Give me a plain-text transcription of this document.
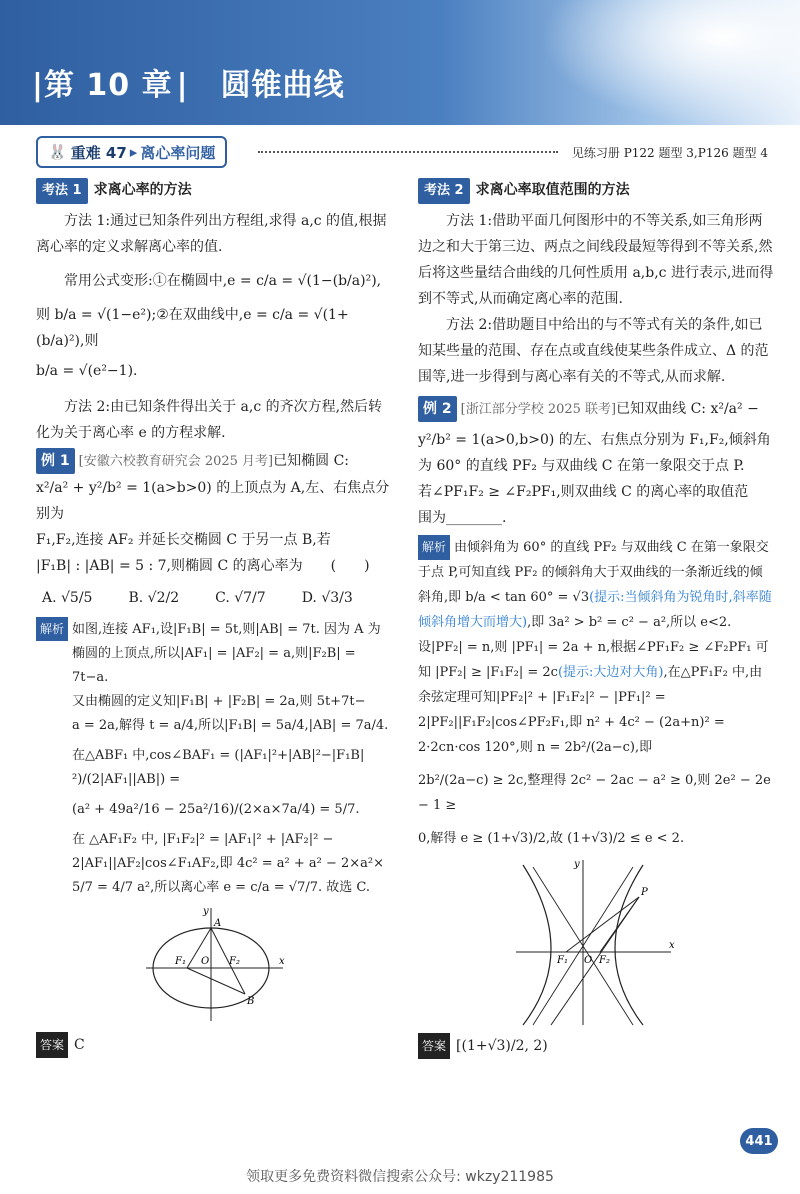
|第 10 章 | 圆锥曲线
🐰 重难 47 ▸ 离心率问题	见练习册 P122 题型 3,P126 题型 4
考法 1 求离心率的方法

方法 1:通过已知条件列出方程组,求得 a,c 的值,根据离心率的定义求解离心率的值.

常用公式变形:①在椭圆中,e = c/a = √(1−(b/a)²),

则 b/a = √(1−e²);②在双曲线中,e = c/a = √(1+(b/a)²),则

b/a = √(e²−1).

方法 2:由已知条件得出关于 a,c 的齐次方程,然后转化为关于离心率 e 的方程求解.

例 1 [安徽六校教育研究会 2025 月考]已知椭圆 C:

x²/a² + y²/b² = 1(a>b>0) 的上顶点为 A,左、右焦点分别为

F₁,F₂,连接 AF₂ 并延长交椭圆 C 于另一点 B,若

|F₁B| : |AB| = 5 : 7,则椭圆 C 的离心率为　　(　　)

A. √5/5	B. √2/2	C. √7/7	D. √3/3

解析 如图,连接 AF₁,设|F₁B| = 5t,则|AB| = 7t. 因为 A 为

椭圆的上顶点,所以|AF₁| = |AF₂| = a,则|F₂B| =

7t−a.

又由椭圆的定义知|F₁B| + |F₂B| = 2a,则 5t+7t−

a = 2a,解得 t = a/4,所以|F₁B| = 5a/4,|AB| = 7a/4.

在△ABF₁ 中,cos∠BAF₁ = (|AF₁|²+|AB|²−|F₁B|²)/(2|AF₁||AB|) =

(a² + 49a²/16 − 25a²/16)/(2×a×7a/4) = 5/7.

在 △AF₁F₂ 中, |F₁F₂|² = |AF₁|² + |AF₂|² −

2|AF₁||AF₂|cos∠F₁AF₂,即 4c² = a² + a² − 2×a²×

5/7 = 4/7 a²,所以离心率 e = c/a = √7/7. 故选 C.

A
B
F₁ O F₂	x
y

答案 C

考法 2 求离心率取值范围的方法

方法 1:借助平面几何图形中的不等关系,如三角形两边之和大于第三边、两点之间线段最短等得到不等关系,然后将这些量结合曲线的几何性质用 a,b,c 进行表示,进而得到不等式,从而确定离心率的范围.

方法 2:借助题目中给出的与不等式有关的条件,如已知某些量的范围、存在点或直线使某些条件成立、Δ 的范围等,进一步得到与离心率有关的不等式,从而求解.

例 2 [浙江部分学校 2025 联考]已知双曲线 C: x²/a² −

y²/b² = 1(a>0,b>0) 的左、右焦点分别为 F₁,F₂,倾斜角

为 60° 的直线 PF₂ 与双曲线 C 在第一象限交于点 P.

若∠PF₁F₂ ≥ ∠F₂PF₁,则双曲线 C 的离心率的取值范

围为________.

解析 由倾斜角为 60° 的直线 PF₂ 与双曲线 C 在第一象限交于点 P,可知直线 PF₂ 的倾斜角大于双曲线的一条渐近线的倾斜角,即 b/a < tan 60° = √3(提示:当倾斜角为锐角时,斜率随倾斜角增大而增大),即 3a² > b² = c² − a²,所以 e<2. 设|PF₂| = n,则 |PF₁| = 2a + n,根据∠PF₁F₂ ≥ ∠F₂PF₁ 可知 |PF₂| ≥ |F₁F₂| = 2c(提示:大边对大角),在△PF₁F₂ 中,由余弦定理可知|PF₂|² + |F₁F₂|² − |PF₁|² = 2|PF₂||F₁F₂|cos∠PF₂F₁,即 n² + 4c² − (2a+n)² = 2·2cn·cos 120°,则 n = 2b²/(2a−c),即

2b²/(2a−c) ≥ 2c,整理得 2c² − 2ac − a² ≥ 0,则 2e² − 2e − 1 ≥

0,解得 e ≥ (1+√3)/2,故 (1+√3)/2 ≤ e < 2.

P
F₁ O F₂
x
y

答案 [(1+√3)/2, 2)

441
领取更多免费资料微信搜索公众号: wkzy211985
